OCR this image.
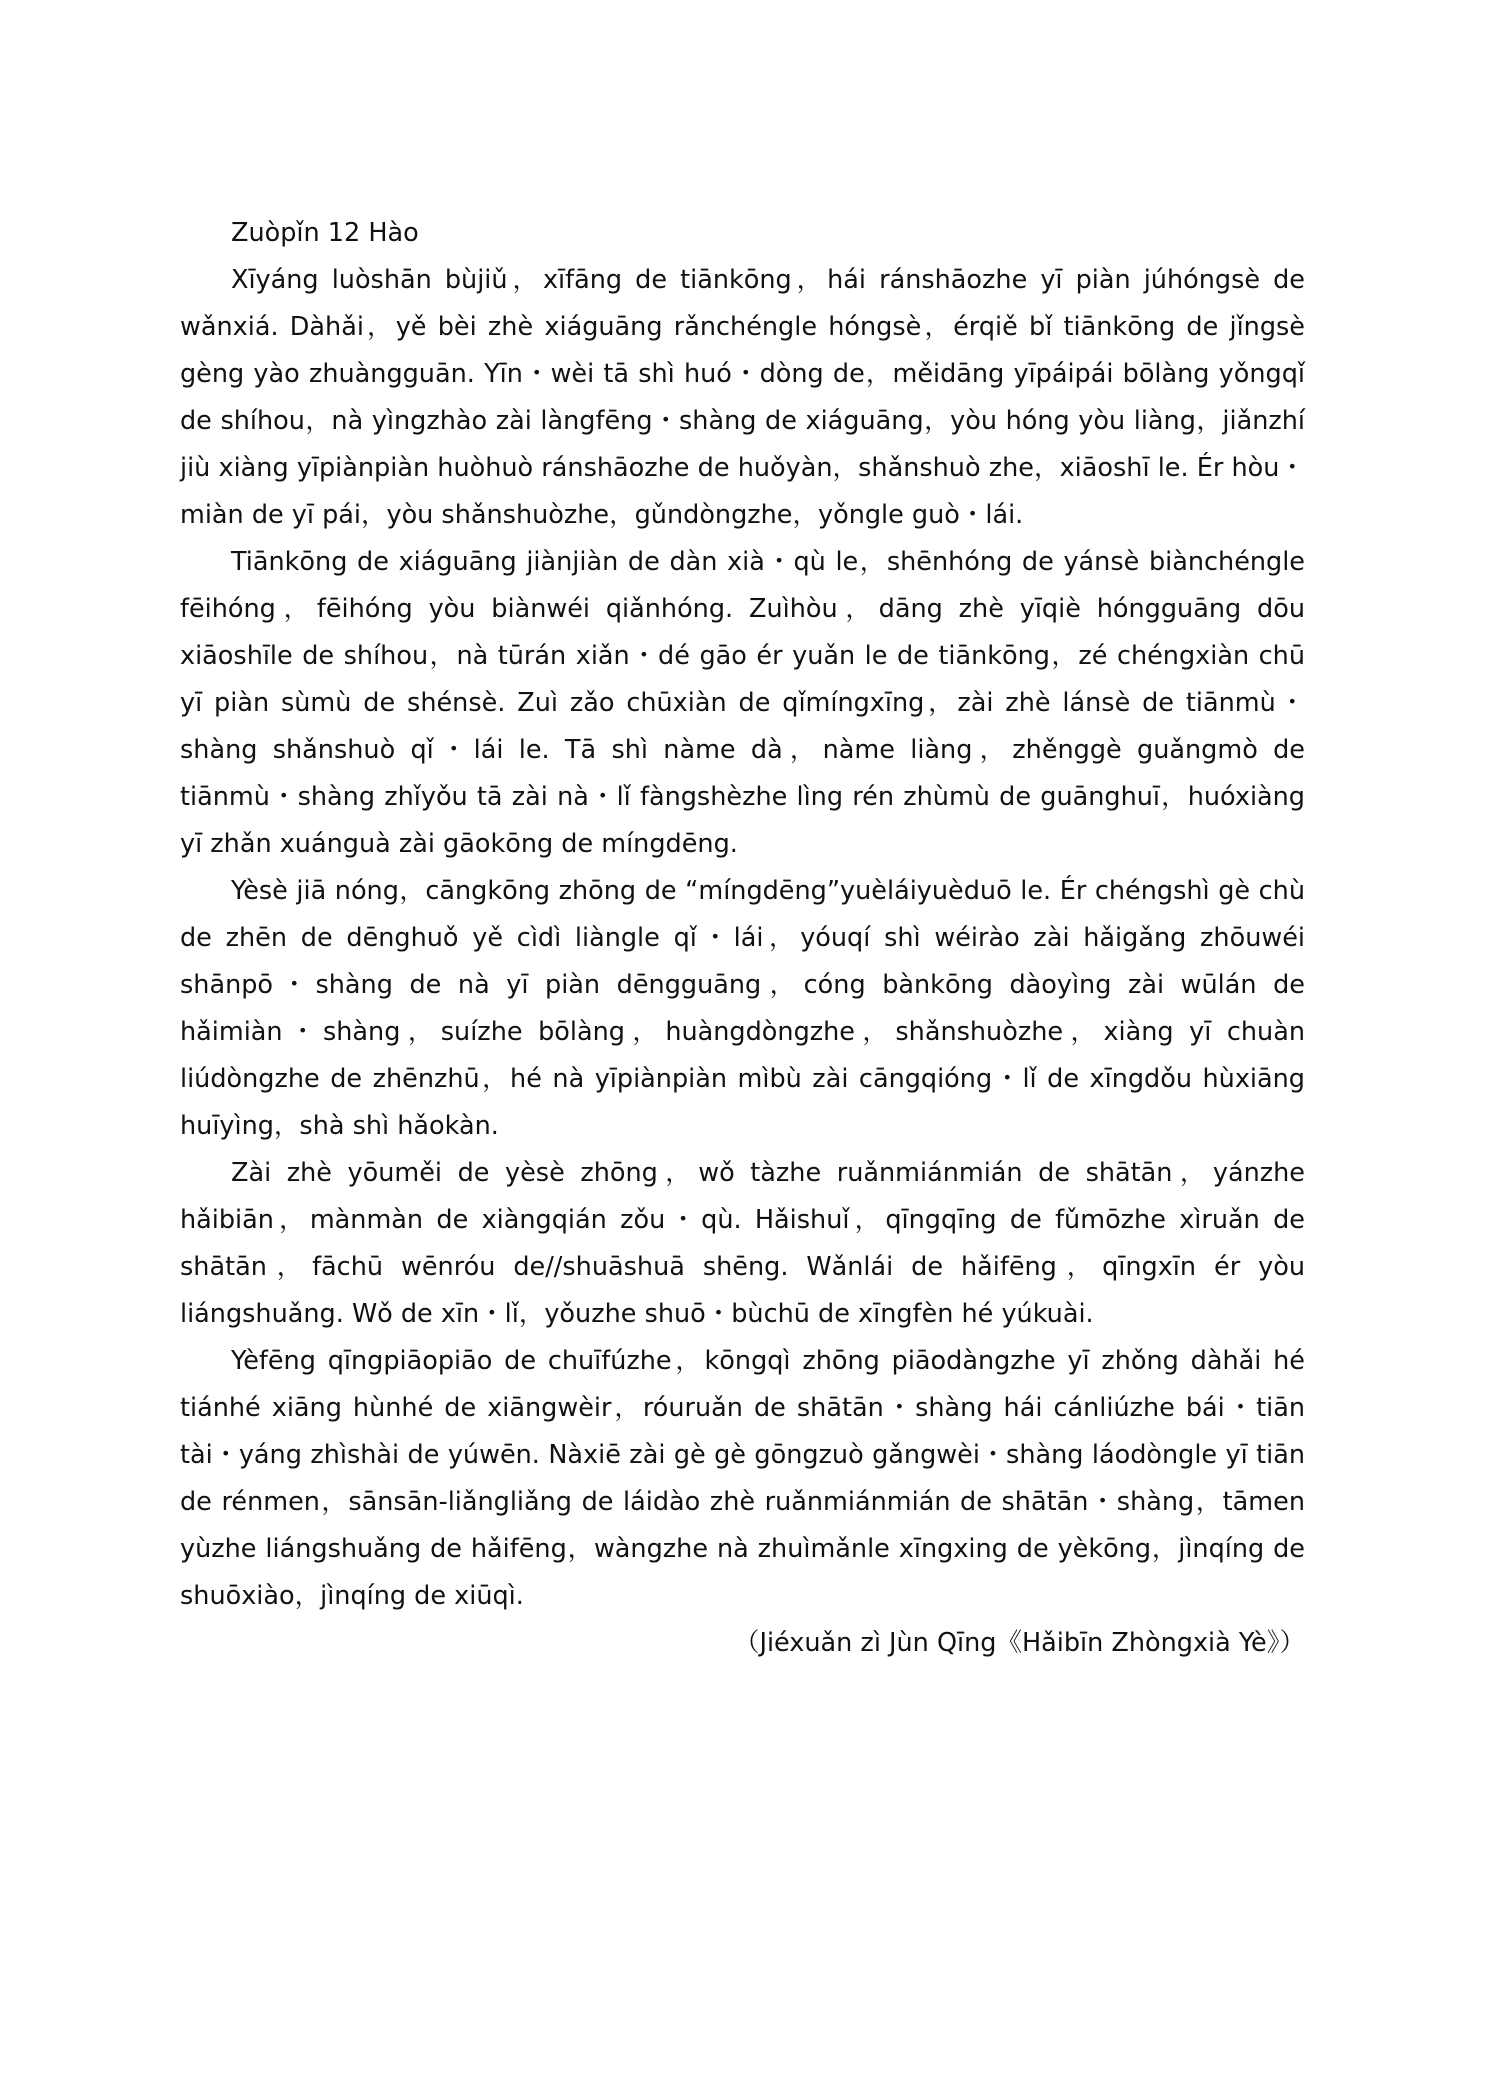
Zuòpǐn 12 Hào

Xīyáng luòshān bùjiǔ，xīfāng de tiānkōng，hái ránshāozhe yī piàn júhóngsè de wǎnxiá. Dàhǎi，yě bèi zhè xiáguāng rǎnchéngle hóngsè，érqiě bǐ tiānkōng de jǐngsè gèng yào zhuàngguān. Yīn・wèi tā shì huó・dòng de，měidāng yīpáipái bōlàng yǒngqǐ de shíhou，nà yìngzhào zài làngfēng・shàng de xiáguāng，yòu hóng yòu liàng，jiǎnzhí jiù xiàng yīpiànpiàn huòhuò ránshāozhe de huǒyàn，shǎnshuò zhe，xiāoshī le. Ér hòu・miàn de yī pái，yòu shǎnshuòzhe，gǔndòngzhe，yǒngle guò・lái.

Tiānkōng de xiáguāng jiànjiàn de dàn xià・qù le，shēnhóng de yánsè biànchéngle fēihóng，fēihóng yòu biànwéi qiǎnhóng. Zuìhòu，dāng zhè yīqiè hóngguāng dōu xiāoshīle de shíhou，nà tūrán xiǎn・dé gāo ér yuǎn le de tiānkōng，zé chéngxiàn chū yī piàn sùmù de shénsè. Zuì zǎo chūxiàn de qǐmíngxīng，zài zhè lánsè de tiānmù・shàng shǎnshuò qǐ・lái le. Tā shì nàme dà，nàme liàng，zhěnggè guǎngmò de tiānmù・shàng zhǐyǒu tā zài nà・lǐ fàngshèzhe lìng rén zhùmù de guānghuī，huóxiàng yī zhǎn xuánguà zài gāokōng de míngdēng.

Yèsè jiā nóng，cāngkōng zhōng de “míngdēng”yuèláiyuèduō le. Ér chéngshì gè chù de zhēn de dēnghuǒ yě cìdì liàngle qǐ・lái，yóuqí shì wéirào zài hǎigǎng zhōuwéi shānpō・shàng de nà yī piàn dēngguāng，cóng bànkōng dàoyìng zài wūlán de hǎimiàn・shàng，suízhe bōlàng，huàngdòngzhe，shǎnshuòzhe，xiàng yī chuàn liúdòngzhe de zhēnzhū，hé nà yīpiànpiàn mìbù zài cāngqióng・lǐ de xīngdǒu hùxiāng huīyìng，shà shì hǎokàn.

Zài zhè yōuměi de yèsè zhōng，wǒ tàzhe ruǎnmiánmián de shātān，yánzhe hǎibiān，mànmàn de xiàngqián zǒu・qù. Hǎishuǐ，qīngqīng de fǔmōzhe xìruǎn de shātān，fāchū wēnróu de//shuāshuā shēng. Wǎnlái de hǎifēng，qīngxīn ér yòu liángshuǎng. Wǒ de xīn・lǐ，yǒuzhe shuō・bùchū de xīngfèn hé yúkuài.

Yèfēng qīngpiāopiāo de chuīfúzhe，kōngqì zhōng piāodàngzhe yī zhǒng dàhǎi hé tiánhé xiāng hùnhé de xiāngwèir，róuruǎn de shātān・shàng hái cánliúzhe bái・tiān tài・yáng zhìshài de yúwēn. Nàxiē zài gè gè gōngzuò gǎngwèi・shàng láodòngle yī tiān de rénmen，sānsān-liǎngliǎng de láidào zhè ruǎnmiánmián de shātān・shàng，tāmen yùzhe liángshuǎng de hǎifēng，wàngzhe nà zhuìmǎnle xīngxing de yèkōng，jìnqíng de shuōxiào，jìnqíng de xiūqì.

（Jiéxuǎn zì Jùn Qīng《Hǎibīn Zhòngxià Yè》）
